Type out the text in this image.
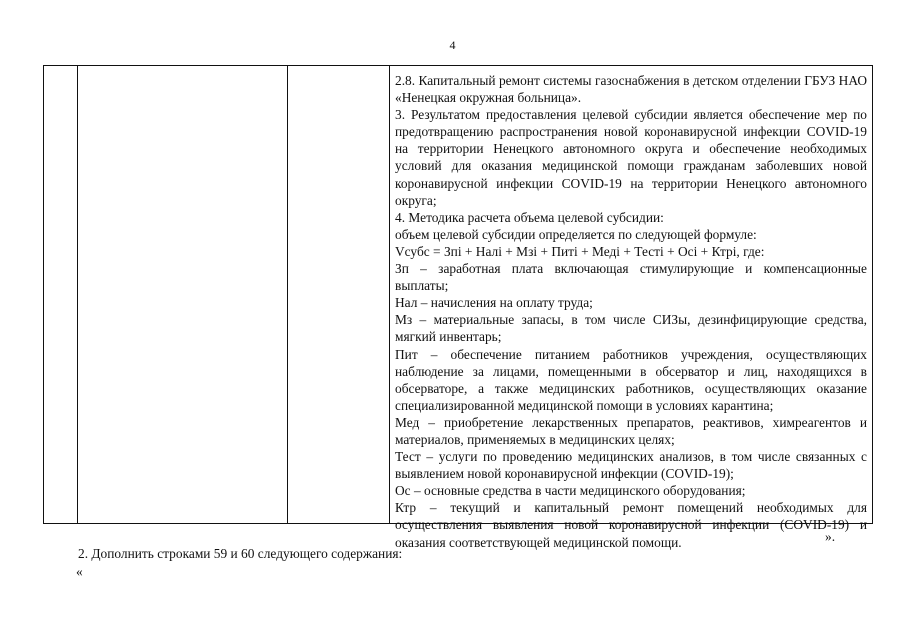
4

2.8. Капитальный ремонт системы газоснабжения в детском отделении ГБУЗ НАО «Ненецкая окружная больница».

3. Результатом предоставления целевой субсидии является обеспечение мер по предотвращению распространения новой коронавирусной инфекции COVID-19 на территории Ненецкого автономного округа и обеспечение необходимых условий для оказания медицинской помощи гражданам заболевших новой коронавирусной инфекции COVID-19 на территории Ненецкого автономного округа;

4. Методика расчета объема целевой субсидии:

объем целевой субсидии определяется по следующей формуле:

Vсубс = Зпi + Налi + Мзi + Питi + Медi + Тестi + Осi + Ктрi, где:

Зп – заработная плата включающая стимулирующие и компенсационные выплаты;

Нал – начисления на оплату труда;

Мз – материальные запасы, в том числе СИЗы, дезинфицирующие средства, мягкий инвентарь;

Пит – обеспечение питанием работников учреждения, осуществляющих наблюдение за лицами, помещенными в обсерватор и лиц, находящихся в обсерваторе, а также медицинских работников, осуществляющих оказание специализированной медицинской помощи в условиях карантина;

Мед – приобретение лекарственных препаратов, реактивов, химреагентов и материалов, применяемых в медицинских целях;

Тест – услуги по проведению медицинских анализов, в том числе связанных с выявлением новой коронавирусной инфекции (COVID-19);

Ос – основные средства в части медицинского оборудования;

Ктр – текущий и капитальный ремонт помещений необходимых для осуществления выявления новой коронавирусной инфекции (COVID-19) и оказания соответствующей медицинской помощи.	».
2. Дополнить строками 59 и 60 следующего содержания:
«
